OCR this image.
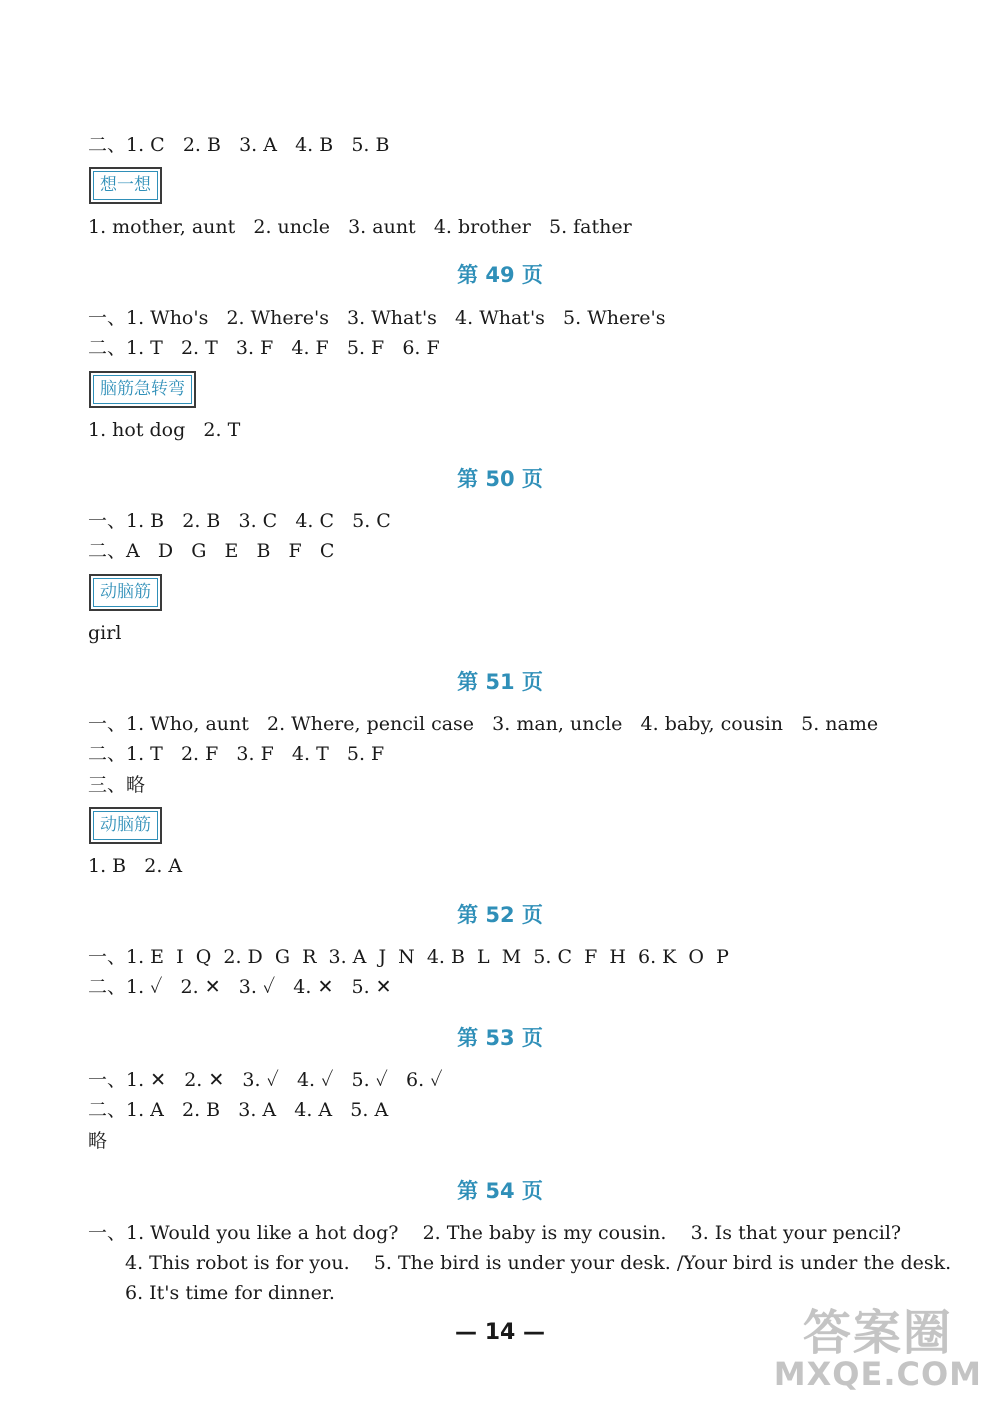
二、1. C   2. B   3. A   4. B   5. B
想一想
1. mother, aunt   2. uncle   3. aunt   4. brother   5. father
第 49 页
一、1. Who's   2. Where's   3. What's   4. What's   5. Where's
二、1. T   2. T   3. F   4. F   5. F   6. F
脑筋急转弯
1. hot dog   2. T
第 50 页
一、1. B   2. B   3. C   4. C   5. C
二、A   D   G   E   B   F   C
动脑筋
girl
第 51 页
一、1. Who, aunt   2. Where, pencil case   3. man, uncle   4. baby, cousin   5. name
二、1. T   2. F   3. F   4. T   5. F
三、略
动脑筋
1. B   2. A
第 52 页
一、1. E  I  Q  2. D  G  R  3. A  J  N  4. B  L  M  5. C  F  H  6. K  O  P
二、1. ✓   2. ✕   3. ✓   4. ✕   5. ✕
第 53 页
一、1. ✕   2. ✕   3. ✓   4. ✓   5. ✓   6. ✓
二、1. A   2. B   3. A   4. A   5. A
略
第 54 页
一、1. Would you like a hot dog?    2. The baby is my cousin.    3. Is that your pencil?
4. This robot is for you.    5. The bird is under your desk. /Your bird is under the desk.
6. It's time for dinner.
— 14 —	答案圈
MXQE.COM
